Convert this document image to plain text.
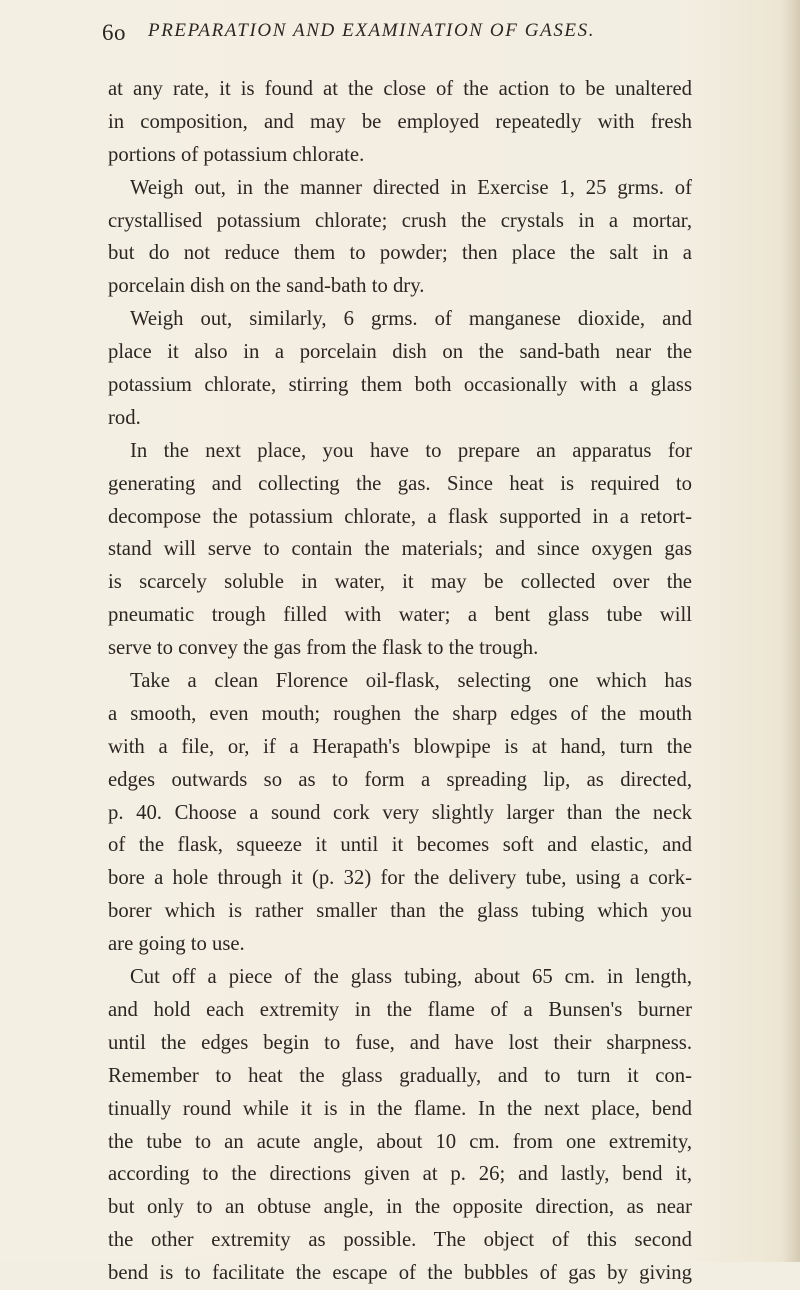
6o PREPARATION AND EXAMINATION OF GASES.
at any rate, it is found at the close of the action to be unaltered
in composition, and may be employed repeatedly with fresh
portions of potassium chlorate.
Weigh out, in the manner directed in Exercise 1, 25 grms. of
crystallised potassium chlorate; crush the crystals in a mortar,
but do not reduce them to powder; then place the salt in a
porcelain dish on the sand-bath to dry.
Weigh out, similarly, 6 grms. of manganese dioxide, and
place it also in a porcelain dish on the sand-bath near the
potassium chlorate, stirring them both occasionally with a glass
rod.
In the next place, you have to prepare an apparatus for
generating and collecting the gas. Since heat is required to
decompose the potassium chlorate, a flask supported in a retort-
stand will serve to contain the materials; and since oxygen gas
is scarcely soluble in water, it may be collected over the
pneumatic trough filled with water; a bent glass tube will
serve to convey the gas from the flask to the trough.
Take a clean Florence oil-flask, selecting one which has
a smooth, even mouth; roughen the sharp edges of the mouth
with a file, or, if a Herapath's blowpipe is at hand, turn the
edges outwards so as to form a spreading lip, as directed,
p. 40. Choose a sound cork very slightly larger than the neck
of the flask, squeeze it until it becomes soft and elastic, and
bore a hole through it (p. 32) for the delivery tube, using a cork-
borer which is rather smaller than the glass tubing which you
are going to use.
Cut off a piece of the glass tubing, about 65 cm. in length,
and hold each extremity in the flame of a Bunsen's burner
until the edges begin to fuse, and have lost their sharpness.
Remember to heat the glass gradually, and to turn it con-
tinually round while it is in the flame. In the next place, bend
the tube to an acute angle, about 10 cm. from one extremity,
according to the directions given at p. 26; and lastly, bend it,
but only to an obtuse angle, in the opposite direction, as near
the other extremity as possible. The object of this second
bend is to facilitate the escape of the bubbles of gas by giving
